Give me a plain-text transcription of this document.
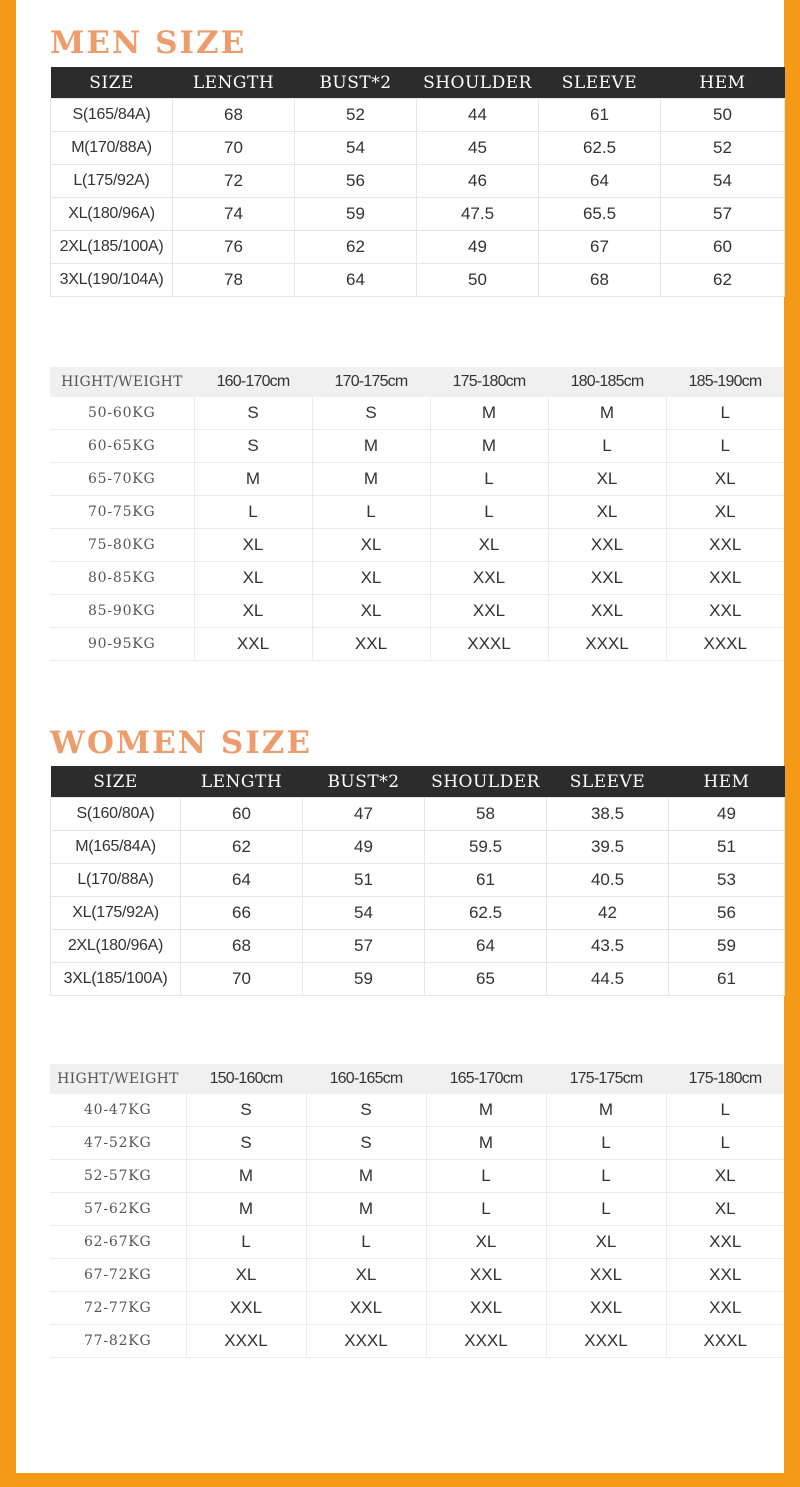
MEN SIZE
SIZE	LENGTH	BUST*2	SHOULDER	SLEEVE	HEM
S(165/84A)	68	52	44	61	50
M(170/88A)	70	54	45	62.5	52
L(175/92A)	72	56	46	64	54
XL(180/96A)	74	59	47.5	65.5	57
2XL(185/100A)	76	62	49	67	60
3XL(190/104A)	78	64	50	68	62
HIGHT/WEIGHT	160-170cm	170-175cm	175-180cm	180-185cm	185-190cm
50-60KG	S	S	M	M	L
60-65KG	S	M	M	L	L
65-70KG	M	M	L	XL	XL
70-75KG	L	L	L	XL	XL
75-80KG	XL	XL	XL	XXL	XXL
80-85KG	XL	XL	XXL	XXL	XXL
85-90KG	XL	XL	XXL	XXL	XXL
90-95KG	XXL	XXL	XXXL	XXXL	XXXL
WOMEN SIZE
SIZE	LENGTH	BUST*2	SHOULDER	SLEEVE	HEM
S(160/80A)	60	47	58	38.5	49
M(165/84A)	62	49	59.5	39.5	51
L(170/88A)	64	51	61	40.5	53
XL(175/92A)	66	54	62.5	42	56
2XL(180/96A)	68	57	64	43.5	59
3XL(185/100A)	70	59	65	44.5	61
HIGHT/WEIGHT	150-160cm	160-165cm	165-170cm	175-175cm	175-180cm
40-47KG	S	S	M	M	L
47-52KG	S	S	M	L	L
52-57KG	M	M	L	L	XL
57-62KG	M	M	L	L	XL
62-67KG	L	L	XL	XL	XXL
67-72KG	XL	XL	XXL	XXL	XXL
72-77KG	XXL	XXL	XXL	XXL	XXL
77-82KG	XXXL	XXXL	XXXL	XXXL	XXXL
